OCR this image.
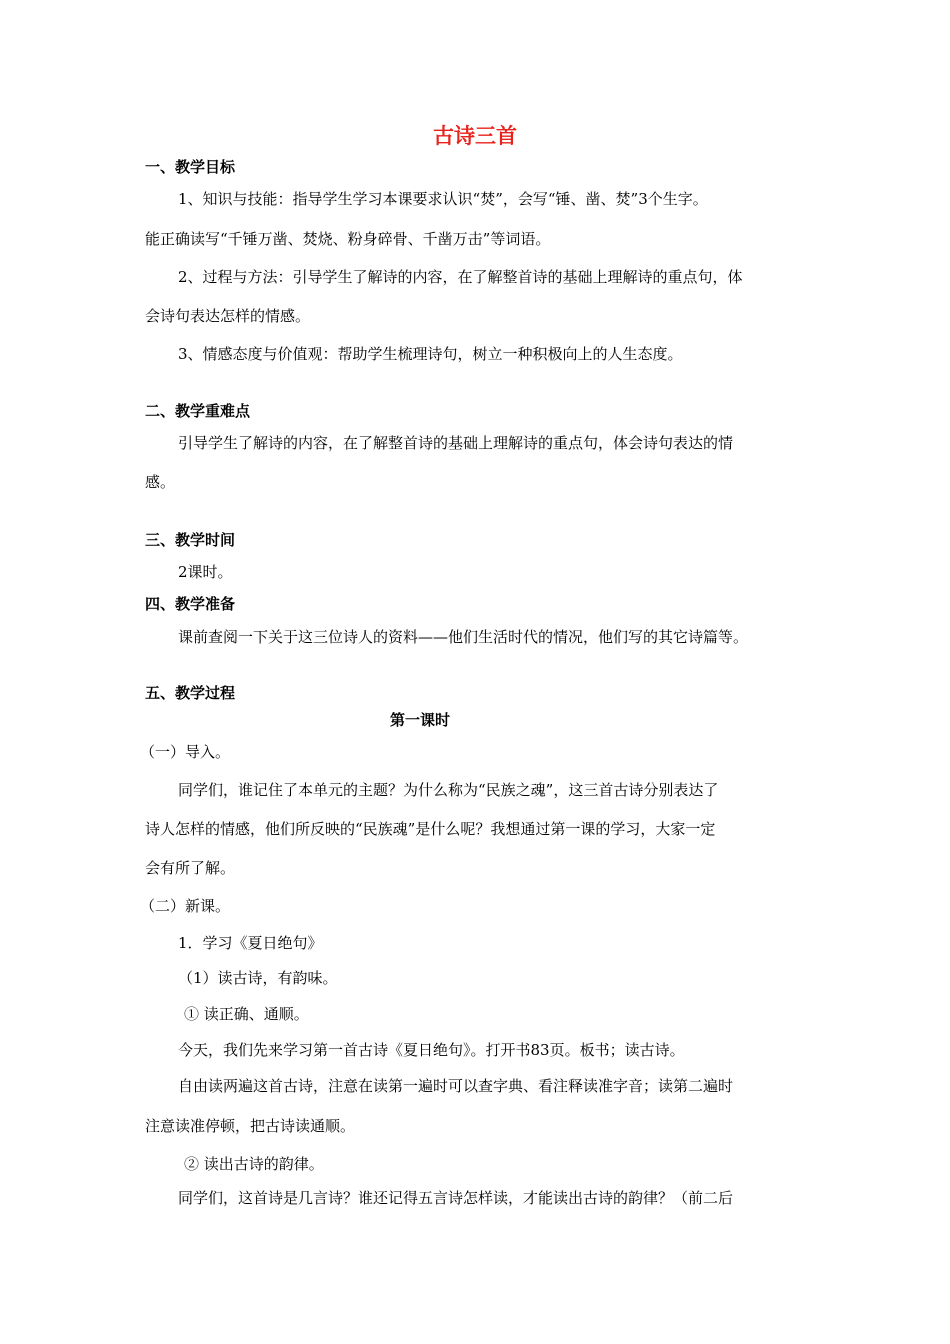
古诗三首
一、教学目标
1、知识与技能：指导学生学习本课要求认识“焚”，会写“锤、凿、焚”3个生字。
能正确读写“千锤万凿、焚烧、粉身碎骨、千凿万击”等词语。
2、过程与方法：引导学生了解诗的内容，在了解整首诗的基础上理解诗的重点句，体
会诗句表达怎样的情感。
3、情感态度与价值观：帮助学生梳理诗句，树立一种积极向上的人生态度。
二、教学重难点
引导学生了解诗的内容，在了解整首诗的基础上理解诗的重点句，体会诗句表达的情
感。
三、教学时间
2课时。
四、教学准备
课前查阅一下关于这三位诗人的资料——他们生活时代的情况，他们写的其它诗篇等。
五、教学过程
第一课时
（一）导入。
同学们，谁记住了本单元的主题？为什么称为“民族之魂”，这三首古诗分别表达了
诗人怎样的情感，他们所反映的“民族魂”是什么呢？我想通过第一课的学习，大家一定
会有所了解。
（二）新课。
1．学习《夏日绝句》
（1）读古诗，有韵味。
① 读正确、通顺。
今天，我们先来学习第一首古诗《夏日绝句》。打开书83页。板书；读古诗。
自由读两遍这首古诗，注意在读第一遍时可以查字典、看注释读准字音；读第二遍时
注意读准停顿，把古诗读通顺。
② 读出古诗的韵律。
同学们，这首诗是几言诗？谁还记得五言诗怎样读，才能读出古诗的韵律？（前二后
